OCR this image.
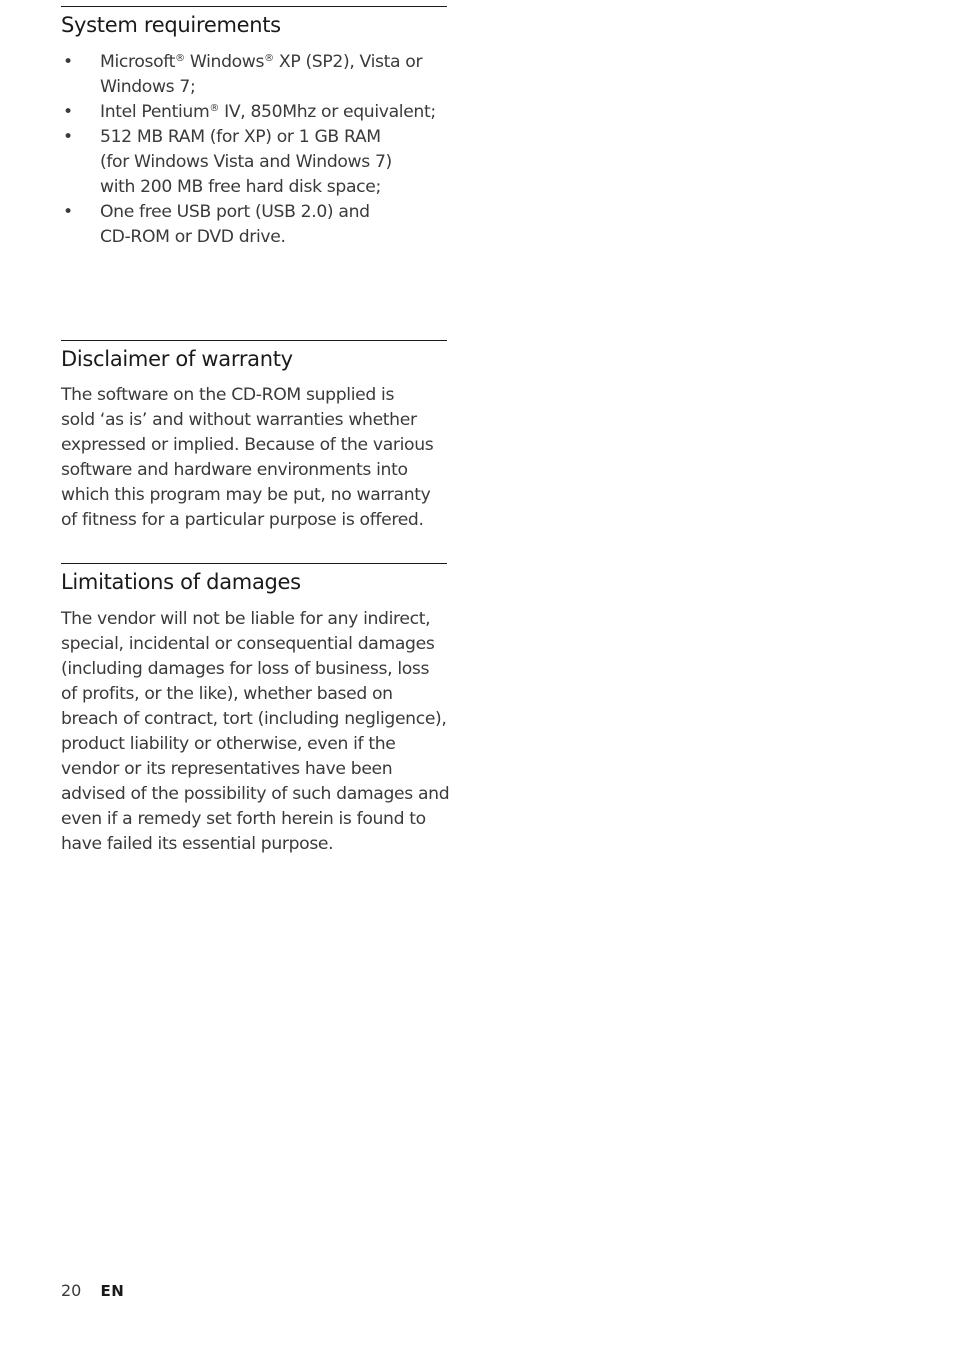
System requirements
• Microsoft® Windows® XP (SP2), Vista or
Windows 7;
• Intel Pentium® IV, 850Mhz or equivalent;
• 512 MB RAM (for XP) or 1 GB RAM
(for Windows Vista and Windows 7)
with 200 MB free hard disk space;
• One free USB port (USB 2.0) and
CD-ROM or DVD drive.
Disclaimer of warranty

The software on the CD-ROM supplied is
sold ‘as is’ and without warranties whether
expressed or implied. Because of the various
software and hardware environments into
which this program may be put, no warranty
of fitness for a particular purpose is offered.

Limitations of damages

The vendor will not be liable for any indirect,
special, incidental or consequential damages
(including damages for loss of business, loss
of profits, or the like), whether based on
breach of contract, tort (including negligence),
product liability or otherwise, even if the
vendor or its representatives have been
advised of the possibility of such damages and
even if a remedy set forth herein is found to
have failed its essential purpose.

20 EN
